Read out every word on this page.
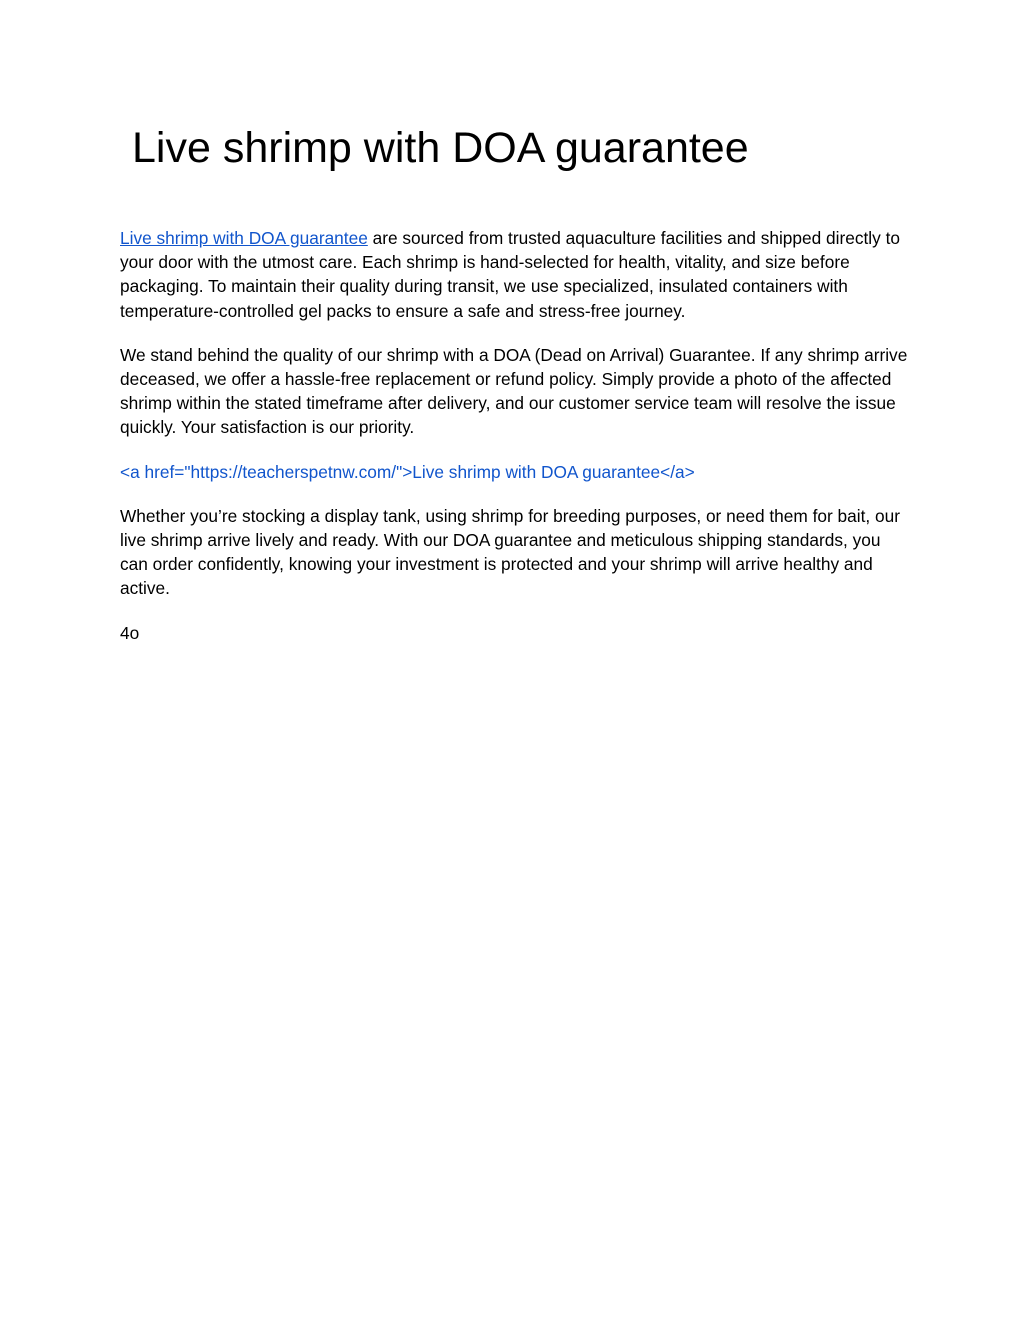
Live shrimp with DOA guarantee

Live shrimp with DOA guarantee are sourced from trusted aquaculture facilities and shipped directly to your door with the utmost care. Each shrimp is hand-selected for health, vitality, and size before packaging. To maintain their quality during transit, we use specialized, insulated containers with temperature-controlled gel packs to ensure a safe and stress-free journey.

We stand behind the quality of our shrimp with a DOA (Dead on Arrival) Guarantee. If any shrimp arrive deceased, we offer a hassle-free replacement or refund policy. Simply provide a photo of the affected shrimp within the stated timeframe after delivery, and our customer service team will resolve the issue quickly. Your satisfaction is our priority.

<a href="https://teacherspetnw.com/">Live shrimp with DOA guarantee</a>

Whether you’re stocking a display tank, using shrimp for breeding purposes, or need them for bait, our live shrimp arrive lively and ready. With our DOA guarantee and meticulous shipping standards, you can order confidently, knowing your investment is protected and your shrimp will arrive healthy and active.

4o
